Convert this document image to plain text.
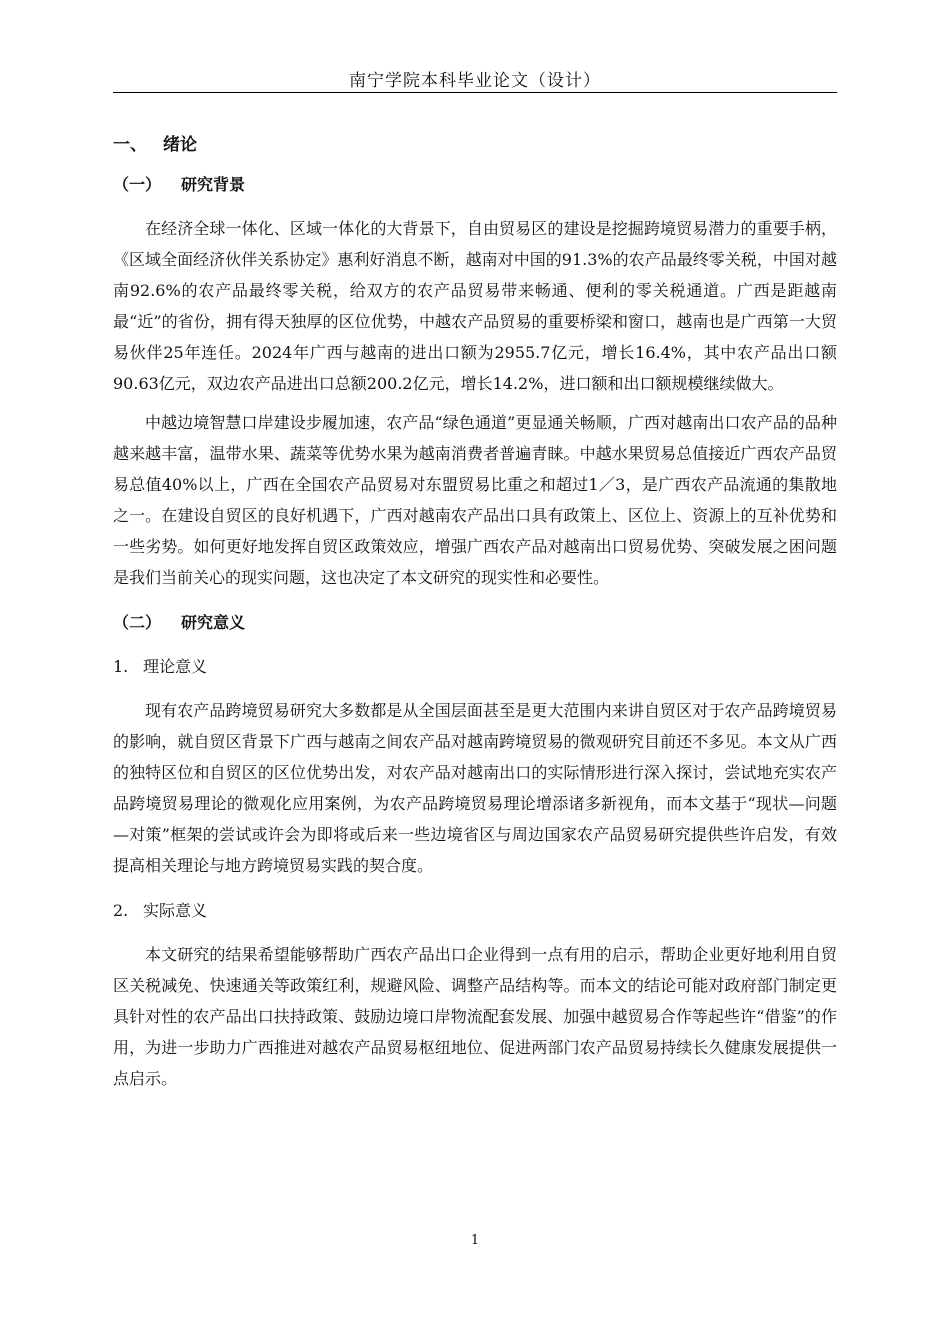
南宁学院本科毕业论文（设计）
一、 绪论
（一） 研究背景

在经济全球一体化、区域一体化的大背景下，自由贸易区的建设是挖掘跨境贸易潜力的重要手柄，《区域全面经济伙伴关系协定》惠利好消息不断，越南对中国的91.3%的农产品最终零关税，中国对越南92.6%的农产品最终零关税，给双方的农产品贸易带来畅通、便利的零关税通道。广西是距越南最“近”的省份，拥有得天独厚的区位优势，中越农产品贸易的重要桥梁和窗口，越南也是广西第一大贸易伙伴25年连任。2024年广西与越南的进出口额为2955.7亿元，增长16.4%，其中农产品出口额90.63亿元，双边农产品进出口总额200.2亿元，增长14.2%，进口额和出口额规模继续做大。

中越边境智慧口岸建设步履加速，农产品“绿色通道”更显通关畅顺，广西对越南出口农产品的品种越来越丰富，温带水果、蔬菜等优势水果为越南消费者普遍青睐。中越水果贸易总值接近广西农产品贸易总值40%以上，广西在全国农产品贸易对东盟贸易比重之和超过1／3，是广西农产品流通的集散地之一。在建设自贸区的良好机遇下，广西对越南农产品出口具有政策上、区位上、资源上的互补优势和一些劣势。如何更好地发挥自贸区政策效应，增强广西农产品对越南出口贸易优势、突破发展之困问题是我们当前关心的现实问题，这也决定了本文研究的现实性和必要性。

（二） 研究意义
1. 理论意义

现有农产品跨境贸易研究大多数都是从全国层面甚至是更大范围内来讲自贸区对于农产品跨境贸易的影响，就自贸区背景下广西与越南之间农产品对越南跨境贸易的微观研究目前还不多见。本文从广西的独特区位和自贸区的区位优势出发，对农产品对越南出口的实际情形进行深入探讨，尝试地充实农产品跨境贸易理论的微观化应用案例，为农产品跨境贸易理论增添诸多新视角，而本文基于“现状—问题—对策”框架的尝试或许会为即将或后来一些边境省区与周边国家农产品贸易研究提供些许启发，有效提高相关理论与地方跨境贸易实践的契合度。

2. 实际意义

本文研究的结果希望能够帮助广西农产品出口企业得到一点有用的启示，帮助企业更好地利用自贸区关税减免、快速通关等政策红利，规避风险、调整产品结构等。而本文的结论可能对政府部门制定更具针对性的农产品出口扶持政策、鼓励边境口岸物流配套发展、加强中越贸易合作等起些许“借鉴”的作用，为进一步助力广西推进对越农产品贸易枢纽地位、促进两部门农产品贸易持续长久健康发展提供一点启示。

1
